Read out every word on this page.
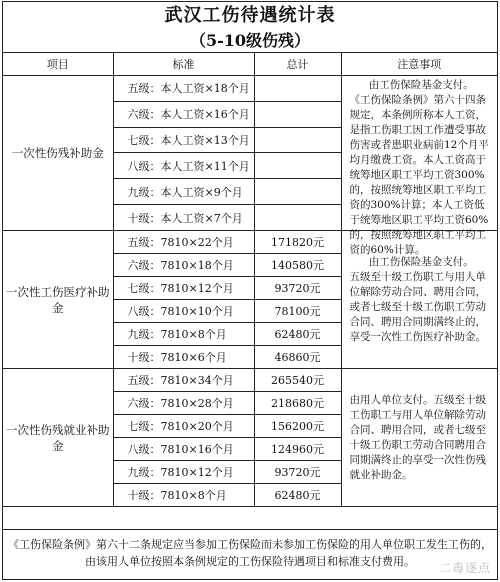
武汉工伤待遇统计表
（5-10级伤残）
项目	标准	总计	注意事项
一次性伤残补助金	五级：本人工资×18个月		由工伤保险基金支付。
《工伤保险条例》第六十四条规定，本条例所称本人工资，是指工伤职工因工作遭受事故伤害或者患职业病前12个月平均月缴费工资。本人工资高于统筹地区职工平均工资300%的，按照统筹地区职工平均工资的300%计算；本人工资低于统筹地区职工平均工资60%的，按照统筹地区职工平均工资的60%计算。

	六级：本人工资×16个月		
	七级：本人工资×13个月		
	八级：本人工资×11个月		
	九级：本人工资×9个月		
	十级：本人工资×7个月		
一次性工伤医疗补助金	五级：7810×22个月	171820元	由工伤保险基金支付。
五级至十级工伤职工与用人单位解除劳动合同、聘用合同，或者七级至十级工伤职工劳动合同、聘用合同期满终止的，享受一次性工伤医疗补助金。

	六级：7810×18个月	140580元	
	七级：7810×12个月	93720元	
	八级：7810×10个月	78100元	
	九级：7810×8个月	62480元	
	十级：7810×6个月	46860元	
一次性伤残就业补助金	五级：7810×34个月	265540元	由用人单位支付。五级至十级工伤职工与用人单位解除劳动合同、聘用合同，或者七级至十级工伤职工劳动合同聘用合同期满终止的享受一次性伤残就业补助金。
	六级：7810×28个月	218680元	
	七级：7810×20个月	156200元	
	八级：7810×16个月	124960元	
	九级：7810×12个月	93720元	
	十级：7810×8个月	62480元	
《工伤保险条例》第六十二条规定应当参加工伤保险而未参加工伤保险的用人单位职工发生工伤的，
由该用人单位按照本条例规定的工伤保险待遇项目和标准支付费用。	二毒逐点
